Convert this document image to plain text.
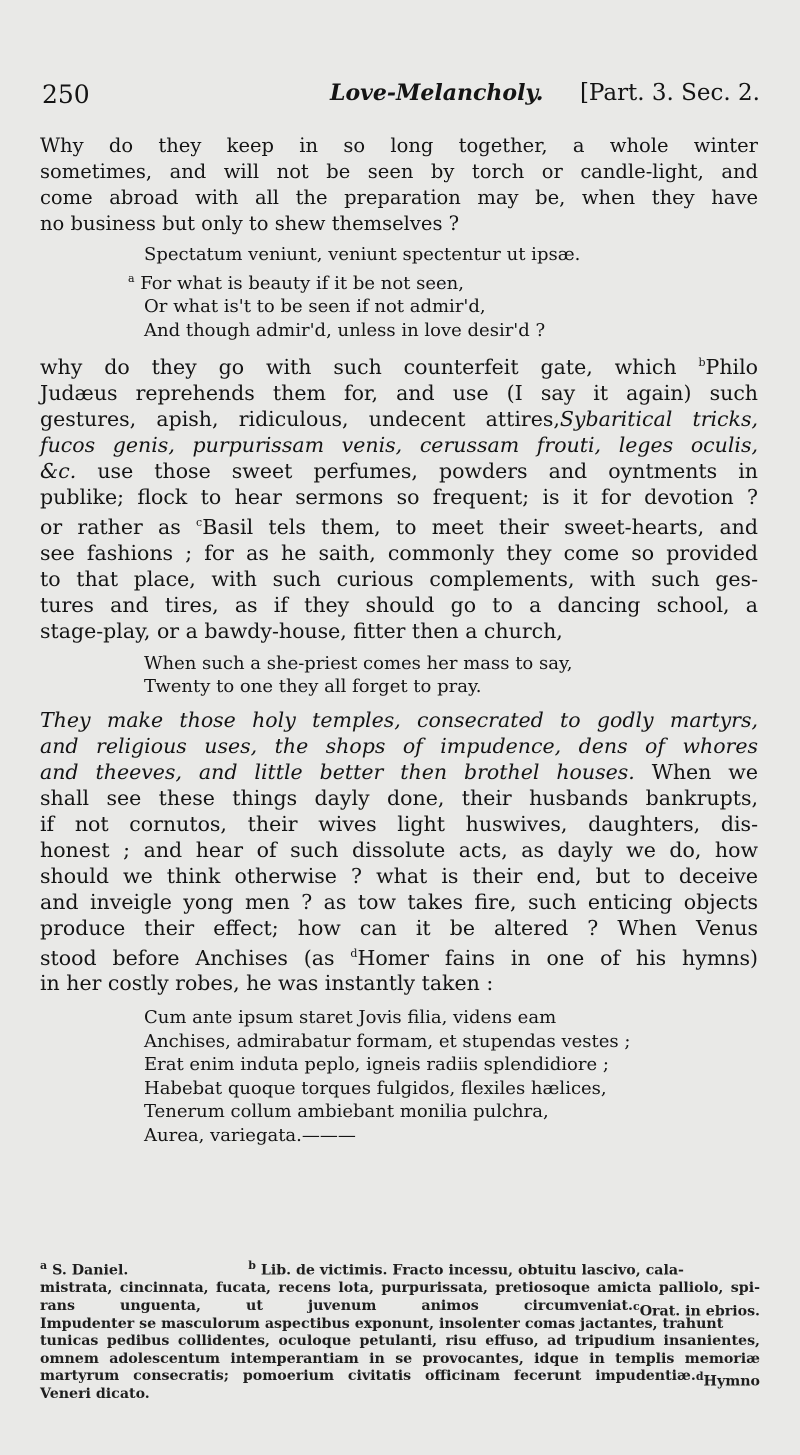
250	Love-Melancholy. [Part. 3. Sec. 2.

Why do they keep in so long together, a whole winter
sometimes, and will not be seen by torch or candle-light, and
come abroad with all the preparation may be, when they have
no business but only to shew themselves ?

Spectatum veniunt, veniunt spectentur ut ipsæ.
$^a$ For what is beauty if it be not seen,
Or what is't to be seen if not admir'd,
And though admir'd, unless in love desir'd ?

why do they go with such counterfeit gate, which $^b$Philo
Judæus reprehends them for, and use (I say it again) such
gestures, apish, ridiculous, undecent attires,Sybaritical tricks,
fucos genis, purpurissam venis, cerussam frouti, leges oculis,
&c. use those sweet perfumes, powders and oyntments in
publike; flock to hear sermons so frequent; is it for devotion ?
or rather as $^c$Basil tels them, to meet their sweet-hearts, and
see fashions ; for as he saith, commonly they come so provided
to that place, with such curious complements, with such ges-
tures and tires, as if they should go to a dancing school, a
stage-play, or a bawdy-house, fitter then a church,

When such a she-priest comes her mass to say,
Twenty to one they all forget to pray.

They make those holy temples, consecrated to godly martyrs,
and religious uses, the shops of impudence, dens of whores
and theeves, and little better then brothel houses. When we
shall see these things dayly done, their husbands bankrupts,
if not cornutos, their wives light huswives, daughters, dis-
honest ; and hear of such dissolute acts, as dayly we do, how
should we think otherwise ? what is their end, but to deceive
and inveigle yong men ? as tow takes fire, such enticing objects
produce their effect; how can it be altered ? When Venus
stood before Anchises (as $^d$Homer fains in one of his hymns)
in her costly robes, he was instantly taken :

Cum ante ipsum staret Jovis filia, videns eam
Anchises, admirabatur formam, et stupendas vestes ;
Erat enim induta peplo, igneis radiis splendidiore ;
Habebat quoque torques fulgidos, flexiles hælices,
Tenerum collum ambiebant monilia pulchra,
Aurea, variegata.———
$^a$ S. Daniel.	$^b$ Lib. de victimis. Fracto incessu, obtuitu lascivo, cala-
mistrata, cincinnata, fucata, recens lota, purpurissata, pretiosoque amicta palliolo, spi-
rans unguenta, ut juvenum animos circumveniat. $^c$Orat. in ebrios.
Impudenter se masculorum aspectibus exponunt, insolenter comas jactantes, trahunt
tunicas pedibus collidentes, oculoque petulanti, risu effuso, ad tripudium insanientes,
omnem adolescentum intemperantiam in se provocantes, idque in templis memoriæ
martyrum consecratis; pomoerium civitatis officinam fecerunt impudentiæ. $^d$Hymno
Veneri dicato.
